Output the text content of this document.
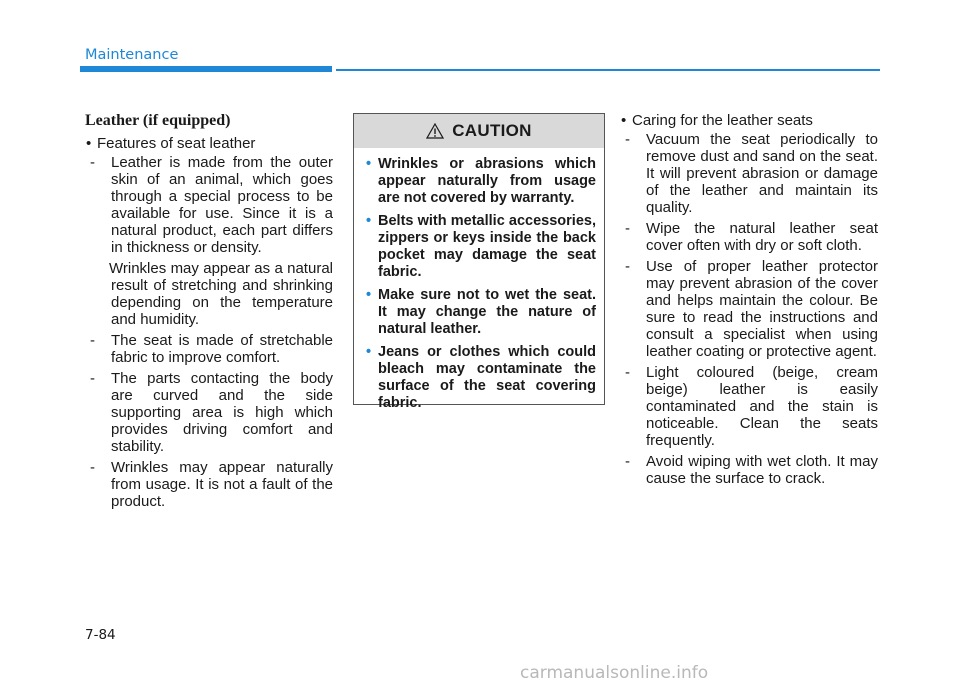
Maintenance
Leather (if equipped)
• Features of seat leather
- Leather is made from the outer skin of an animal, which goes through a special process to be available for use. Since it is a natural product, each part differs in thickness or density.
Wrinkles may appear as a natural result of stretching and shrinking depending on the temperature and humidity.
- The seat is made of stretchable fabric to improve comfort.
- The parts contacting the body are curved and the side supporting area is high which provides driving comfort and stability.
- Wrinkles may appear naturally from usage. It is not a fault of the product.
CAUTION
• Wrinkles or abrasions which appear naturally from usage are not covered by warranty.
• Belts with metallic accessories, zippers or keys inside the back pocket may damage the seat fabric.
• Make sure not to wet the seat. It may change the nature of natural leather.
• Jeans or clothes which could bleach may contaminate the surface of the seat covering fabric.
• Caring for the leather seats
- Vacuum the seat periodically to remove dust and sand on the seat. It will prevent abrasion or damage of the leather and maintain its quality.
- Wipe the natural leather seat cover often with dry or soft cloth.
- Use of proper leather protector may prevent abrasion of the cover and helps maintain the colour. Be sure to read the instructions and consult a specialist when using leather coating or protective agent.
- Light coloured (beige, cream beige) leather is easily contaminated and the stain is noticeable. Clean the seats frequently.
- Avoid wiping with wet cloth. It may cause the surface to crack.
7-84
carmanualsonline.info
